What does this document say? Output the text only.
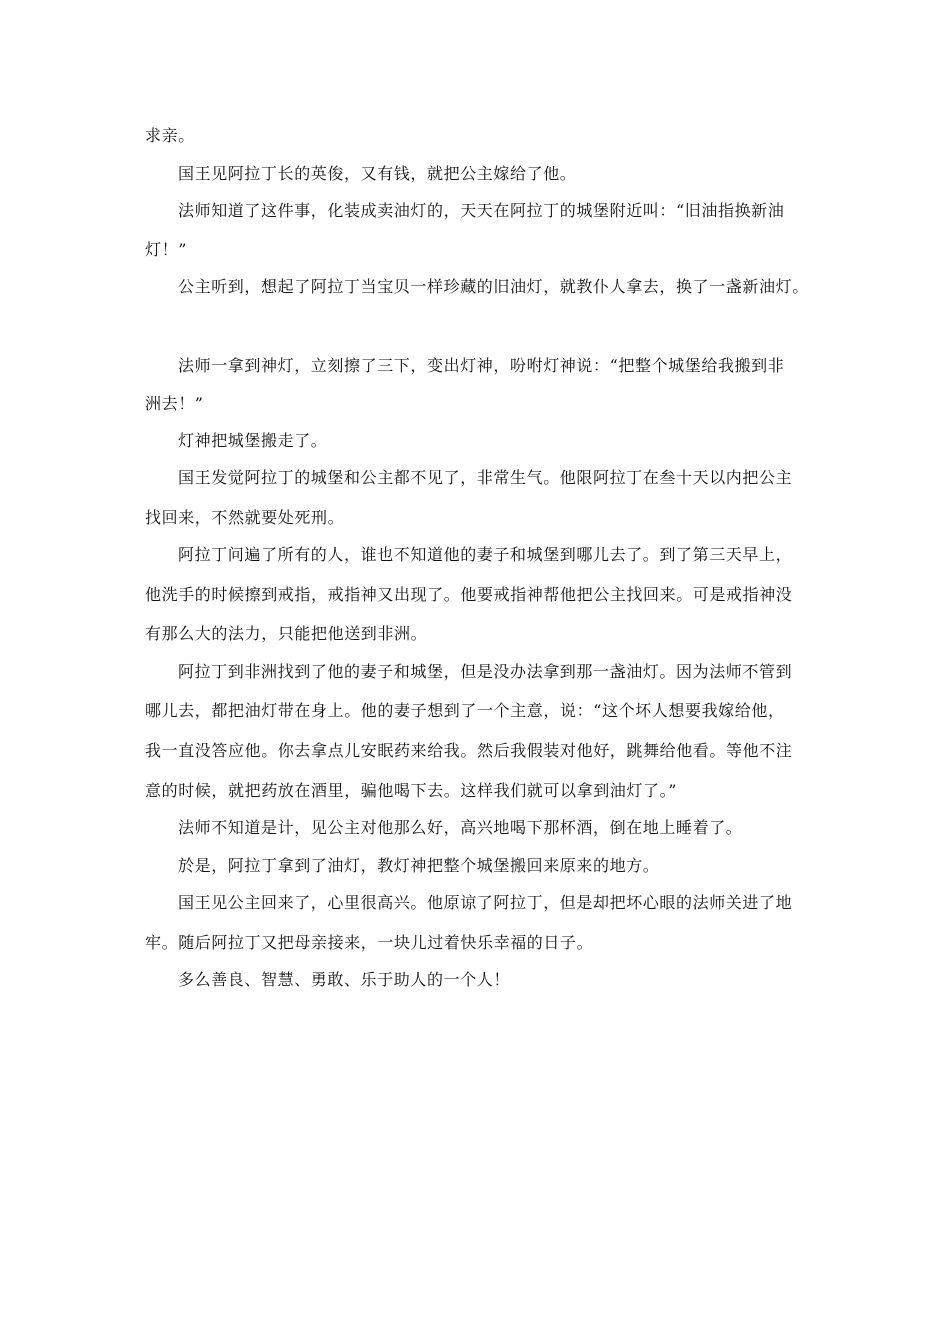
求亲。
国王见阿拉丁长的英俊，又有钱，就把公主嫁给了他。
法师知道了这件事，化装成卖油灯的，天天在阿拉丁的城堡附近叫：“旧油指换新油
灯！”
公主听到，想起了阿拉丁当宝贝一样珍藏的旧油灯，就教仆人拿去，换了一盏新油灯。
法师一拿到神灯，立刻擦了三下，变出灯神，吩咐灯神说：“把整个城堡给我搬到非
洲去！”
灯神把城堡搬走了。
国王发觉阿拉丁的城堡和公主都不见了，非常生气。他限阿拉丁在叁十天以内把公主
找回来，不然就要处死刑。
阿拉丁问遍了所有的人，谁也不知道他的妻子和城堡到哪儿去了。到了第三天早上，
他洗手的时候擦到戒指，戒指神又出现了。他要戒指神帮他把公主找回来。可是戒指神没
有那么大的法力，只能把他送到非洲。
阿拉丁到非洲找到了他的妻子和城堡，但是没办法拿到那一盏油灯。因为法师不管到
哪儿去，都把油灯带在身上。他的妻子想到了一个主意，说：“这个坏人想要我嫁给他，
我一直没答应他。你去拿点儿安眠药来给我。然后我假装对他好，跳舞给他看。等他不注
意的时候，就把药放在酒里，骗他喝下去。这样我们就可以拿到油灯了。”
法师不知道是计，见公主对他那么好，高兴地喝下那杯酒，倒在地上睡着了。
於是，阿拉丁拿到了油灯，教灯神把整个城堡搬回来原来的地方。
国王见公主回来了，心里很高兴。他原谅了阿拉丁，但是却把坏心眼的法师关进了地
牢。随后阿拉丁又把母亲接来，一块儿过着快乐幸福的日子。
多么善良、智慧、勇敢、乐于助人的一个人！
